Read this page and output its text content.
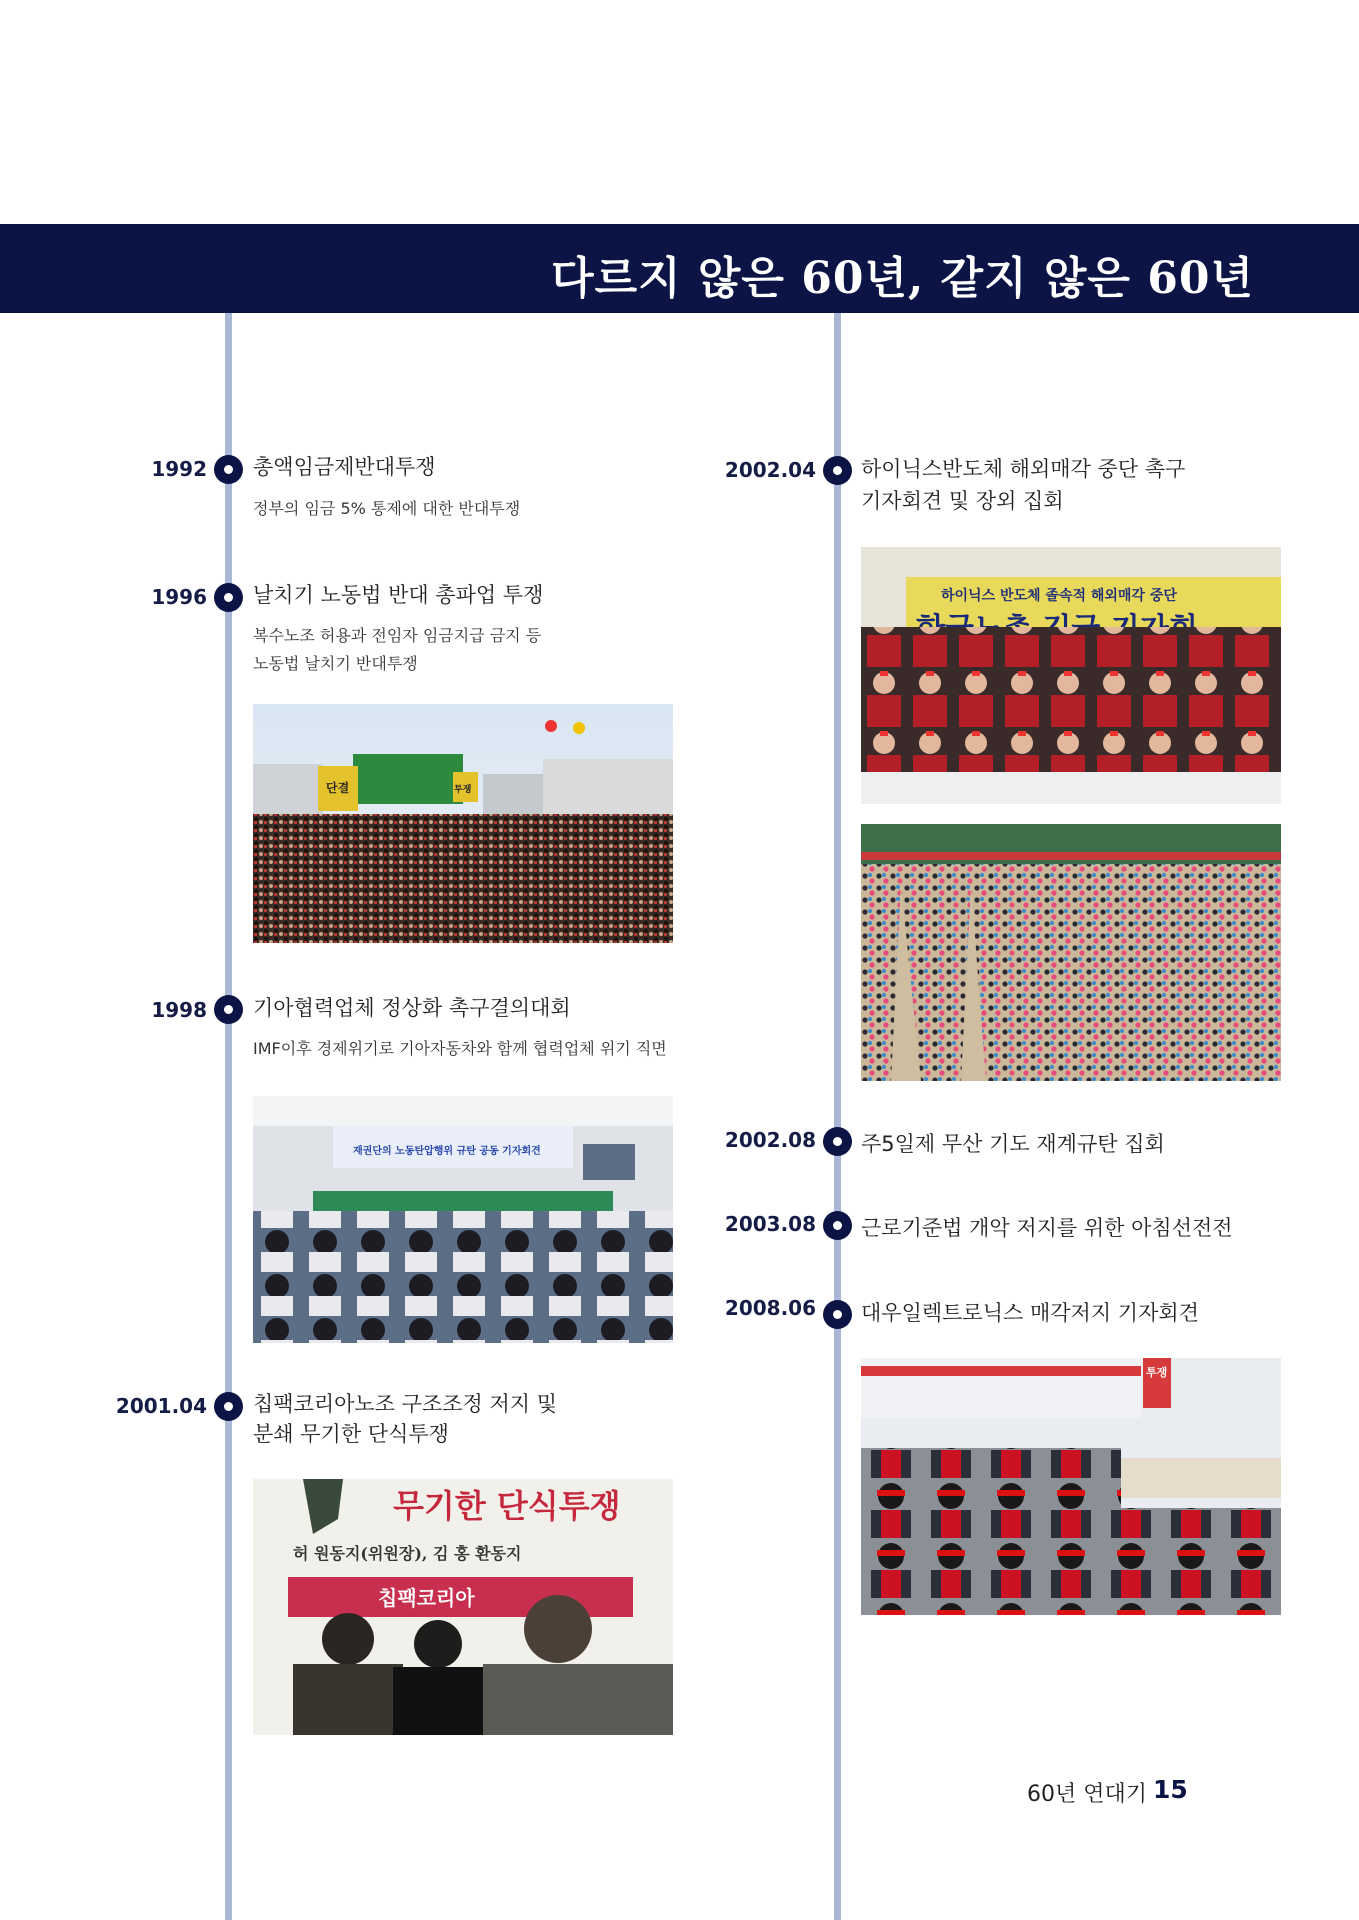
다르지 않은 60년, 같지 않은 60년
1992 총액임금제반대투쟁
정부의 임금 5% 통제에 대한 반대투쟁
1996 날치기 노동법 반대 총파업 투쟁
복수노조 허용과 전임자 임금지급 금지 등
노동법 날치기 반대투쟁
단결	투쟁
1998 기아협력업체 정상화 촉구결의대회
IMF이후 경제위기로 기아자동차와 함께 협력업체 위기 직면
재권단의 노동탄압행위 규탄 공동 기자회견
2001.04 칩팩코리아노조 구조조정 저지 및
분쇄 무기한 단식투쟁
무기한 단식투쟁
허 원동지(위원장), 김 홍 환동지
칩팩코리아
2002.04 하이닉스반도체 해외매각 중단 촉구
기자회견 및 장외 집회
하이닉스 반도체 졸속적 해외매각 중단
2002.08 주5일제 무산 기도 재계규탄 집회
2003.08 근로기준법 개악 저지를 위한 아침선전전
2008.06 대우일렉트로닉스 매각저지 기자회견
투쟁
60년 연대기 15
